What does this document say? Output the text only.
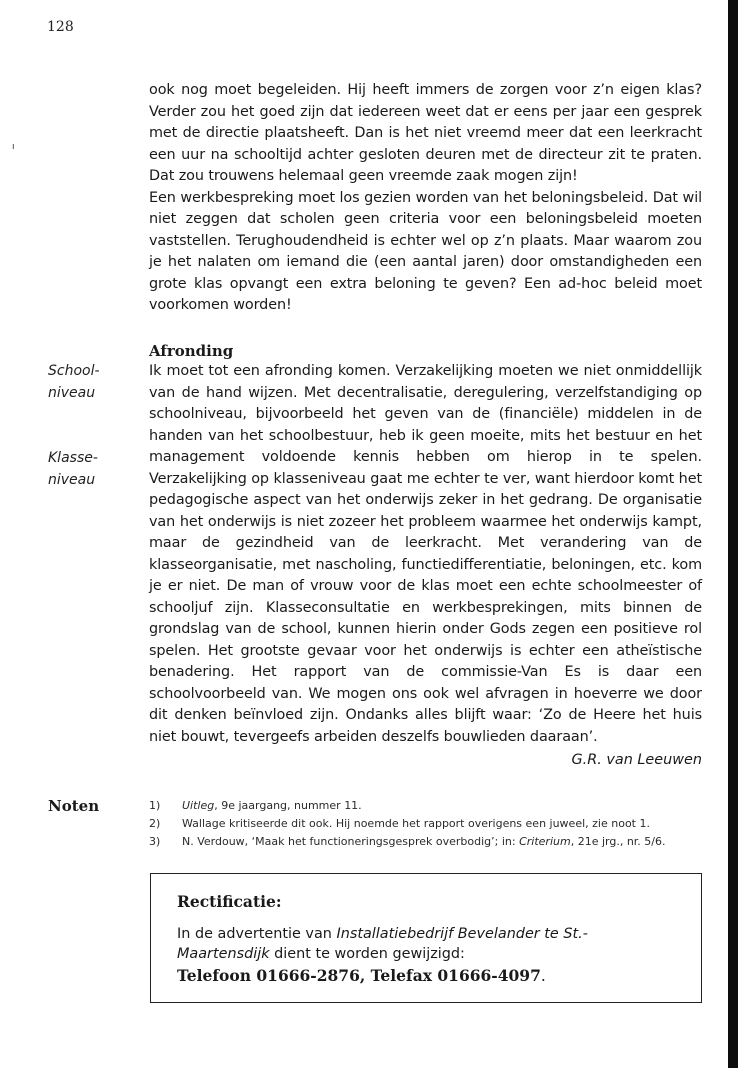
128
ı

ook nog moet begeleiden. Hij heeft immers de zorgen voor z’n eigen klas? Verder zou het goed zijn dat iedereen weet dat er eens per jaar een gesprek met de directie plaatsheeft. Dan is het niet vreemd meer dat een leerkracht een uur na schooltijd achter gesloten deuren met de directeur zit te praten. Dat zou trouwens helemaal geen vreemde zaak mogen zijn!

Een werkbespreking moet los gezien worden van het beloningsbeleid. Dat wil niet zeggen dat scholen geen criteria voor een beloningsbeleid moeten vaststellen. Terughoudendheid is echter wel op z’n plaats. Maar waarom zou je het nalaten om iemand die (een aantal jaren) door omstandigheden een grote klas opvangt een extra beloning te geven? Een ad-hoc beleid moet voorkomen worden!

Afronding
School-
niveau
Klasse-
niveau

Ik moet tot een afronding komen. Verzakelijking moeten we niet onmiddellijk van de hand wijzen. Met decentralisatie, deregulering, verzelfstandiging op schoolniveau, bijvoorbeeld het geven van de (financiële) middelen in de handen van het schoolbestuur, heb ik geen moeite, mits het bestuur en het management voldoende kennis hebben om hierop in te spelen. Verzakelijking op klasseniveau gaat me echter te ver, want hierdoor komt het pedagogische aspect van het onderwijs zeker in het gedrang. De organisatie van het onderwijs is niet zozeer het probleem waarmee het onderwijs kampt, maar de gezindheid van de leerkracht. Met verandering van de klasseorganisatie, met nascholing, functiedifferentiatie, beloningen, etc. kom je er niet. De man of vrouw voor de klas moet een echte schoolmeester of schooljuf zijn. Klasseconsultatie en werkbesprekingen, mits binnen de grondslag van de school, kunnen hierin onder Gods zegen een positieve rol spelen. Het grootste gevaar voor het onderwijs is echter een atheïstische benadering. Het rapport van de commissie-Van Es is daar een schoolvoorbeeld van. We mogen ons ook wel afvragen in hoeverre we door dit denken beïnvloed zijn. Ondanks alles blijft waar: ‘Zo de Heere het huis niet bouwt, tevergeefs arbeiden deszelfs bouwlieden daaraan’.

G.R. van Leeuwen
Noten	1)	Uitleg, 9e jaargang, nummer 11.
2)	Wallage kritiseerde dit ook. Hij noemde het rapport overigens een juweel, zie noot 1.
3)	N. Verdouw, ‘Maak het functioneringsgesprek overbodig’; in: Criterium, 21e jrg., nr. 5/6.
Rectificatie:
In de advertentie van Installatiebedrijf Bevelander te St.-Maartensdijk dient te worden gewijzigd:
Telefoon 01666-2876, Telefax 01666-4097.
